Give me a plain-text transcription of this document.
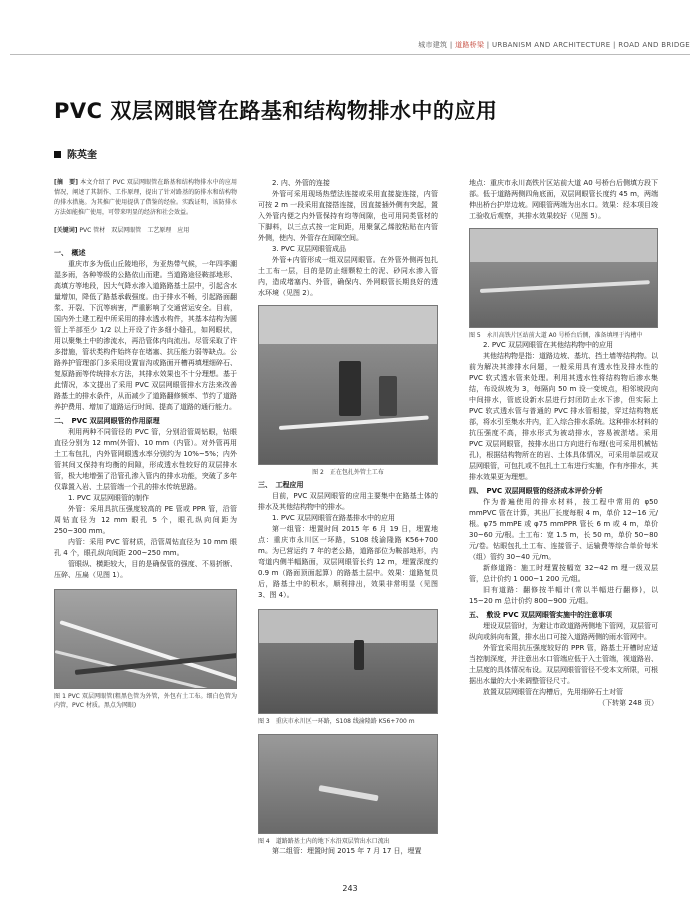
城市建筑 | 道路桥梁 | URBANISM AND ARCHITECTURE | ROAD AND BRIDGE
PVC 双层网眼管在路基和结构物排水中的应用
陈英奎
[摘　要] 本文介绍了 PVC 双层网眼管在路基和结构物排水中的应用情况，阐述了其制作、工作原理，提出了针对路基的防排水和结构物的排水措施。为其推广使用提供了借鉴的经验。实践证明，该防排水方法如能推广使用，可带来明显的经济和社会效益。
[关键词] PVC 管材　双层网眼管　工艺原理　应用
一、　概述
重庆市多为低山丘陵地形，为亚热带气候，一年四季潮湿多雨，各种等级的公路依山而建。当道路途径鞍部地形、高填方等地段，因大气降水渗入道路路基土层中，引起含水量增加，降低了路基承载强度。由于排水不畅，引起路面翻浆、开裂、下沉等病害，严重影响了交通营运安全。目前，国内外土建工程中所采用的排水透水构件，其基本结构为圆管上半部至少 1/2 以上开设了许多细小缝孔，如网眼状，用以聚集土中的渗流水，再沿管体内向流出。尽管采取了许多措施，管状类构件始终存在堵塞、抗压能力弱等缺点。公路养护管理部门多采用设置盲沟或路面开槽再填埋细碎石、复原路面等传统排水方法，其排水效果也不十分理想。基于此情况，本文提出了采用 PVC 双层网眼管排水方法来改善路基土的排水条件，从而减少了道路翻修频率、节约了道路养护费用、增加了道路运行时间、提高了道路的通行能力。
二、　PVC 双层网眼管的作用原理
利用两种不同管径的 PVC 管，分别沿管周钻眼，钻眼直径分别为 12 mm(外管)、10 mm（内管）。对外管再用土工布包扎，内外管网眼透水率分别约为 10%~5%；内外管其间又保持有均衡的间隙，形成透水性较好的双层排水管，极大地增强了沿管孔渗入管内的排水功能，突破了多年仅靠置入岩、土层管端一个孔的排水传统思路。
1. PVC 双层网眼管的制作
外管：采用具抗压强度较高的 PE 管或 PPR 管，沿管周钻直径为 12 mm 眼孔 5 个，眼孔纵向间距为 250~300 mm。
内管：采用 PVC 管材质，沿管周钻直径为 10 mm 眼孔 4 个，眼孔纵向间距 200~250 mm。
管眼纵、横距较大，目的是确保管的强度、不易折断、压碎、压扁（见图 1）。
图 1 PVC 双层网眼管(粗黑色管为外管，外包有土工布。细白色管为内管，PVC 材质。黑点为网眼)
2. 内、外管的连接
外管可采用现场热塑法连接或采用直接旋连接，内管可按 2 m 一段采用直接搭连接，因直接插外侧有突起，置入外管内便之内外管保持有均等间隙，也可用同类管材的下脚料，以三点式按一定间距，用聚氯乙烯胶粘贴在内管外侧，使内、外管存在间隙空间。
3. PVC 双层网眼管成品
外管+内管形成一组双层网眼管。在外管外侧再包扎土工布一层，目的是防止细颗粒土的泥、砂同水渗入管内，造成堵塞内、外管，确保内、外网眼管长期良好的透水环境（见图 2）。
图 2　正在包扎外管土工布
三、　工程应用
目前，PVC 双层网眼管的应用主要集中在路基土体的排水及其他结构物中的排水。
1. PVC 双层网眼管在路基排水中的应用
第一组管：埋置时间 2015 年 6 月 19 日，埋置地点：重庆市永川区一环路，S108 线渝隆路 K56+700 m。为已营运约 7 年的老公路，道路部位为鞍部地形，内弯道内侧半幅路面，双层网眼管长约 12 m，埋置深度约 0.9 m（路面顶面起算）的路基土层中。效果：道路复员后，路基土中的积水，顺利排出，效果非常明显（见图 3、图 4）。
图 3　重庆市永川区一环路，S108 线渝隆路 K56+700 m
图 4　道路路基土内的地下水沿双层管出水口流出
第二组管：埋置时间 2015 年 7 月 17 日，埋置
地点：重庆市永川高铁片区站前大道 A0 号桥台后侧填方段下部。低于道路两侧四角底面，双层网眼管长度约 45 m，两端伸出桥台护岸边坡。网眼管两端为出水口。效果：经本项目竣工验收后观察，其排水效果较好（见图 5）。
图 5　永川高铁片区站前大道 A0 号桥台后侧，准备填埋于沟槽中
2. PVC 双层网眼管在其他结构物中的应用
其他结构物是指：道路边坡、基坑、挡土墙等结构物。以前为解决其渗排水问题，一般采用具有透水性及排水性的 PVC 软式透水管来处理。利用其透水性将结构物后渗水集结，布设纵坡为 3，每隔向 50 m 设一变坡点，相邻坡段向中间排水，管底设新水层进行封闭防止水下渗，但实际上 PVC 软式透水管与普通的 PVC 排水管相接，穿过结构物底部，将水引至集水井内，汇入综合排水系统。这种排水材料的抗压强度不高，排水形式为被动排水，容易被淤堵。采用 PVC 双层网眼管，按排水出口方向进行布埋(也可采用机械钻孔)，根据结构物所在的岩、土体具体情况，可采用单层或双层网眼管，可包扎或不包扎土工布进行实施，作有序排水，其排水效果更为理想。
四、　PVC 双层网眼管的经济成本评价分析
作为普遍使用的排水材料，按工程中常用的 φ50 mmPVC 管在计算，其出厂长度每根 4 m，单价 12~16 元/根。φ75 mmPE 或 φ75 mmPPR 管长 6 m 或 4 m，单价 30~60 元/根。土工布：宽 1.5 m，长 50 m，单价 50~80 元/卷。钻眼包扎土工布、连接管子、运输费等综合单价每米（组）管约 30~40 元/m。
新修道路：施工时埋置按幅宽 32~42 m 埋一级双层管，总计价约 1 000~1 200 元/组。
旧有道路：翻修按半幅计(常以半幅进行翻修)，以 15~20 m 总计价约 800~900 元/组。
五、　敷设 PVC 双层网眼管实施中的注意事项
埋设双层管时，为避让市政道路两侧地下管网，双层管可纵向或斜向布置，排水出口可接入道路两侧的雨水管网中。
外管宜采用抗压强度较好的 PPR 管，路基土开槽时应适当控制深度，并注意出水口管端应低于入土管端，视道路岩、土层度的具体情况布设。双层网眼管管径不受本文所限，可根据出水量的大小来调整管径尺寸。
放置双层网眼管在沟槽后，先用细碎石土对管
（下转第 248 页）
243
